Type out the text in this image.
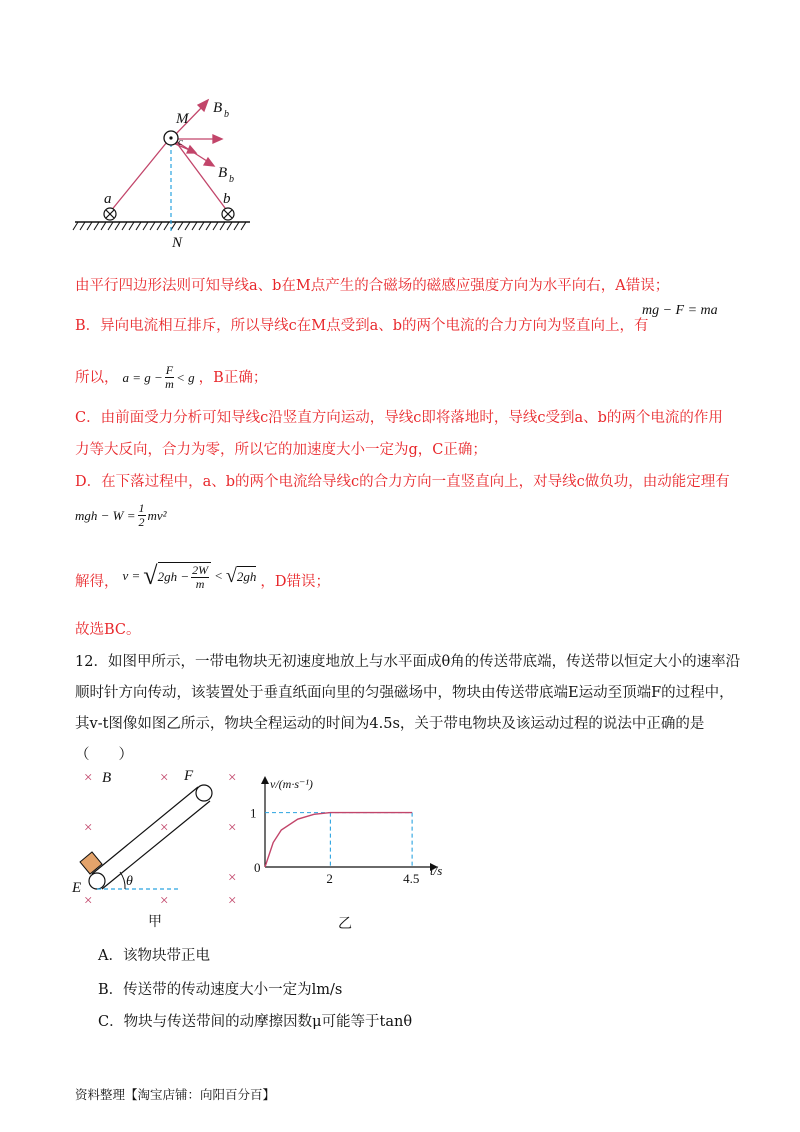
M
c
a	b
N
B b
B b
由平行四边形法则可知导线a、b在M点产生的合磁场的磁感应强度方向为水平向右，A错误；
B．异向电流相互排斥，所以导线c在M点受到a、b的两个电流的合力方向为竖直向上，有
mg − F = ma
所以， $a = g - \frac{F}{m} < g$ ，B正确；
C．由前面受力分析可知导线c沿竖直方向运动，导线c即将落地时，导线c受到a、b的两个电流的作用
力等大反向，合力为零，所以它的加速度大小一定为g，C正确；
D．在下落过程中，a、b的两个电流给导线c的合力方向一直竖直向上，对导线c做负功，由动能定理有
mgh − $W = \frac{1}{2} mv^2$
解得， v = √ $2gh - \frac{2W}{m}$ < √ 2gh ，D错误；
故选BC。
12．如图甲所示，一带电物块无初速度地放上与水平面成θ角的传送带底端，传送带以恒定大小的速率沿
顺时针方向传动，该装置处于垂直纸面向里的匀强磁场中，物块由传送带底端E运动至顶端F的过程中，
其v-t图像如图乙所示，物块全程运动的时间为4.5s，关于带电物块及该运动过程的说法中正确的是
（　　）
×	×	×
×	×	×
×
×	×	×
B	F
E	θ
甲
v/(m·s⁻¹)
t/s
0
1
2	4.5
乙
A．该物块带正电
B．传送带的传动速度大小一定为lm/s
C．物块与传送带间的动摩擦因数μ可能等于tanθ
资料整理【淘宝店铺：向阳百分百】
